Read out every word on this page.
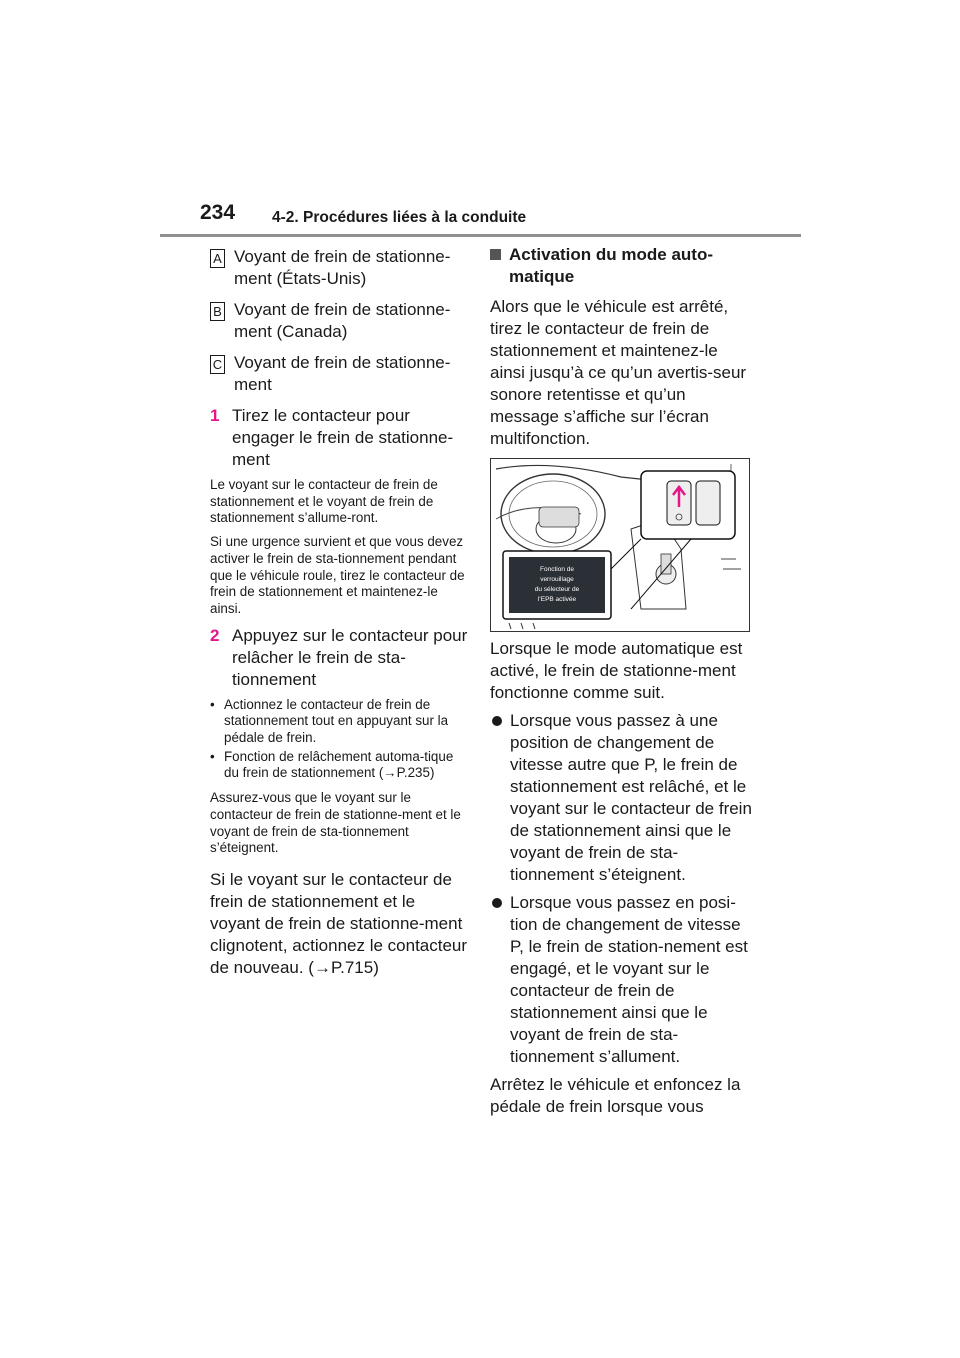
234 4-2. Procédures liées à la conduite
A Voyant de frein de stationne-ment (États-Unis)
B Voyant de frein de stationne-ment (Canada)
C Voyant de frein de stationne-ment
1 Tirez le contacteur pour engager le frein de stationne-ment

Le voyant sur le contacteur de frein de stationnement et le voyant de frein de stationnement s’allume-ront.

Si une urgence survient et que vous devez activer le frein de sta-tionnement pendant que le véhicule roule, tirez le contacteur de frein de stationnement et maintenez-le ainsi.

2 Appuyez sur le contacteur pour relâcher le frein de sta-tionnement
• Actionnez le contacteur de frein de stationnement tout en appuyant sur la pédale de frein.
• Fonction de relâchement automa-tique du frein de stationnement (→P.235)

Assurez-vous que le voyant sur le contacteur de frein de stationne-ment et le voyant de frein de sta-tionnement s’éteignent.

Si le voyant sur le contacteur de frein de stationnement et le voyant de frein de stationne-ment clignotent, actionnez le contacteur de nouveau. (→P.715)

Activation du mode auto-matique

Alors que le véhicule est arrêté, tirez le contacteur de frein de stationnement et maintenez-le ainsi jusqu’à ce qu’un avertis-seur sonore retentisse et qu’un message s’affiche sur l’écran multifonction.

Fonction de
verrouillage
du sélecteur de
l’EPB activée

Lorsque le mode automatique est activé, le frein de stationne-ment fonctionne comme suit.

Lorsque vous passez à une position de changement de vitesse autre que P, le frein de stationnement est relâché, et le voyant sur le contacteur de frein de stationnement ainsi que le voyant de frein de sta-tionnement s’éteignent.
Lorsque vous passez en posi-tion de changement de vitesse P, le frein de station-nement est engagé, et le voyant sur le contacteur de frein de stationnement ainsi que le voyant de frein de sta-tionnement s’allument.

Arrêtez le véhicule et enfoncez la pédale de frein lorsque vous
